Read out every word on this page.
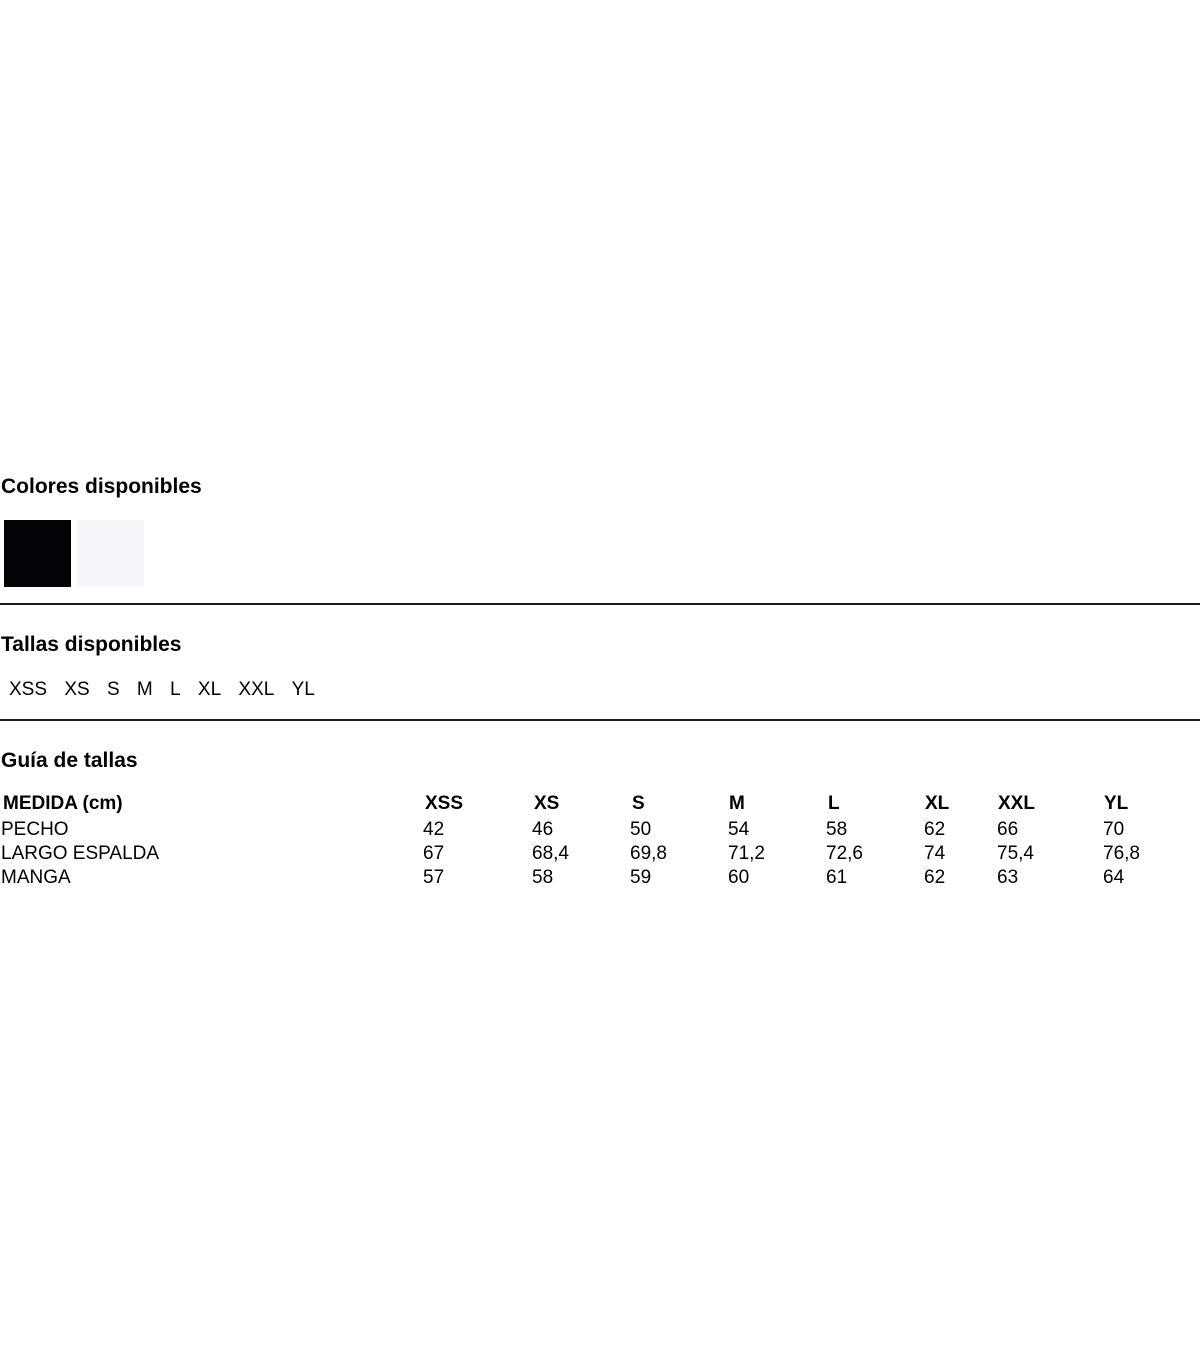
Colores disponibles
Tallas disponibles
XSS XS S M L XL XXL YL
Guía de tallas
MEDIDA (cm)	XSS	XS	S	M	L	XL	XXL	YL
PECHO	42	46	50	54	58	62	66	70
LARGO ESPALDA	67	68,4	69,8	71,2	72,6	74	75,4	76,8
MANGA	57	58	59	60	61	62	63	64
